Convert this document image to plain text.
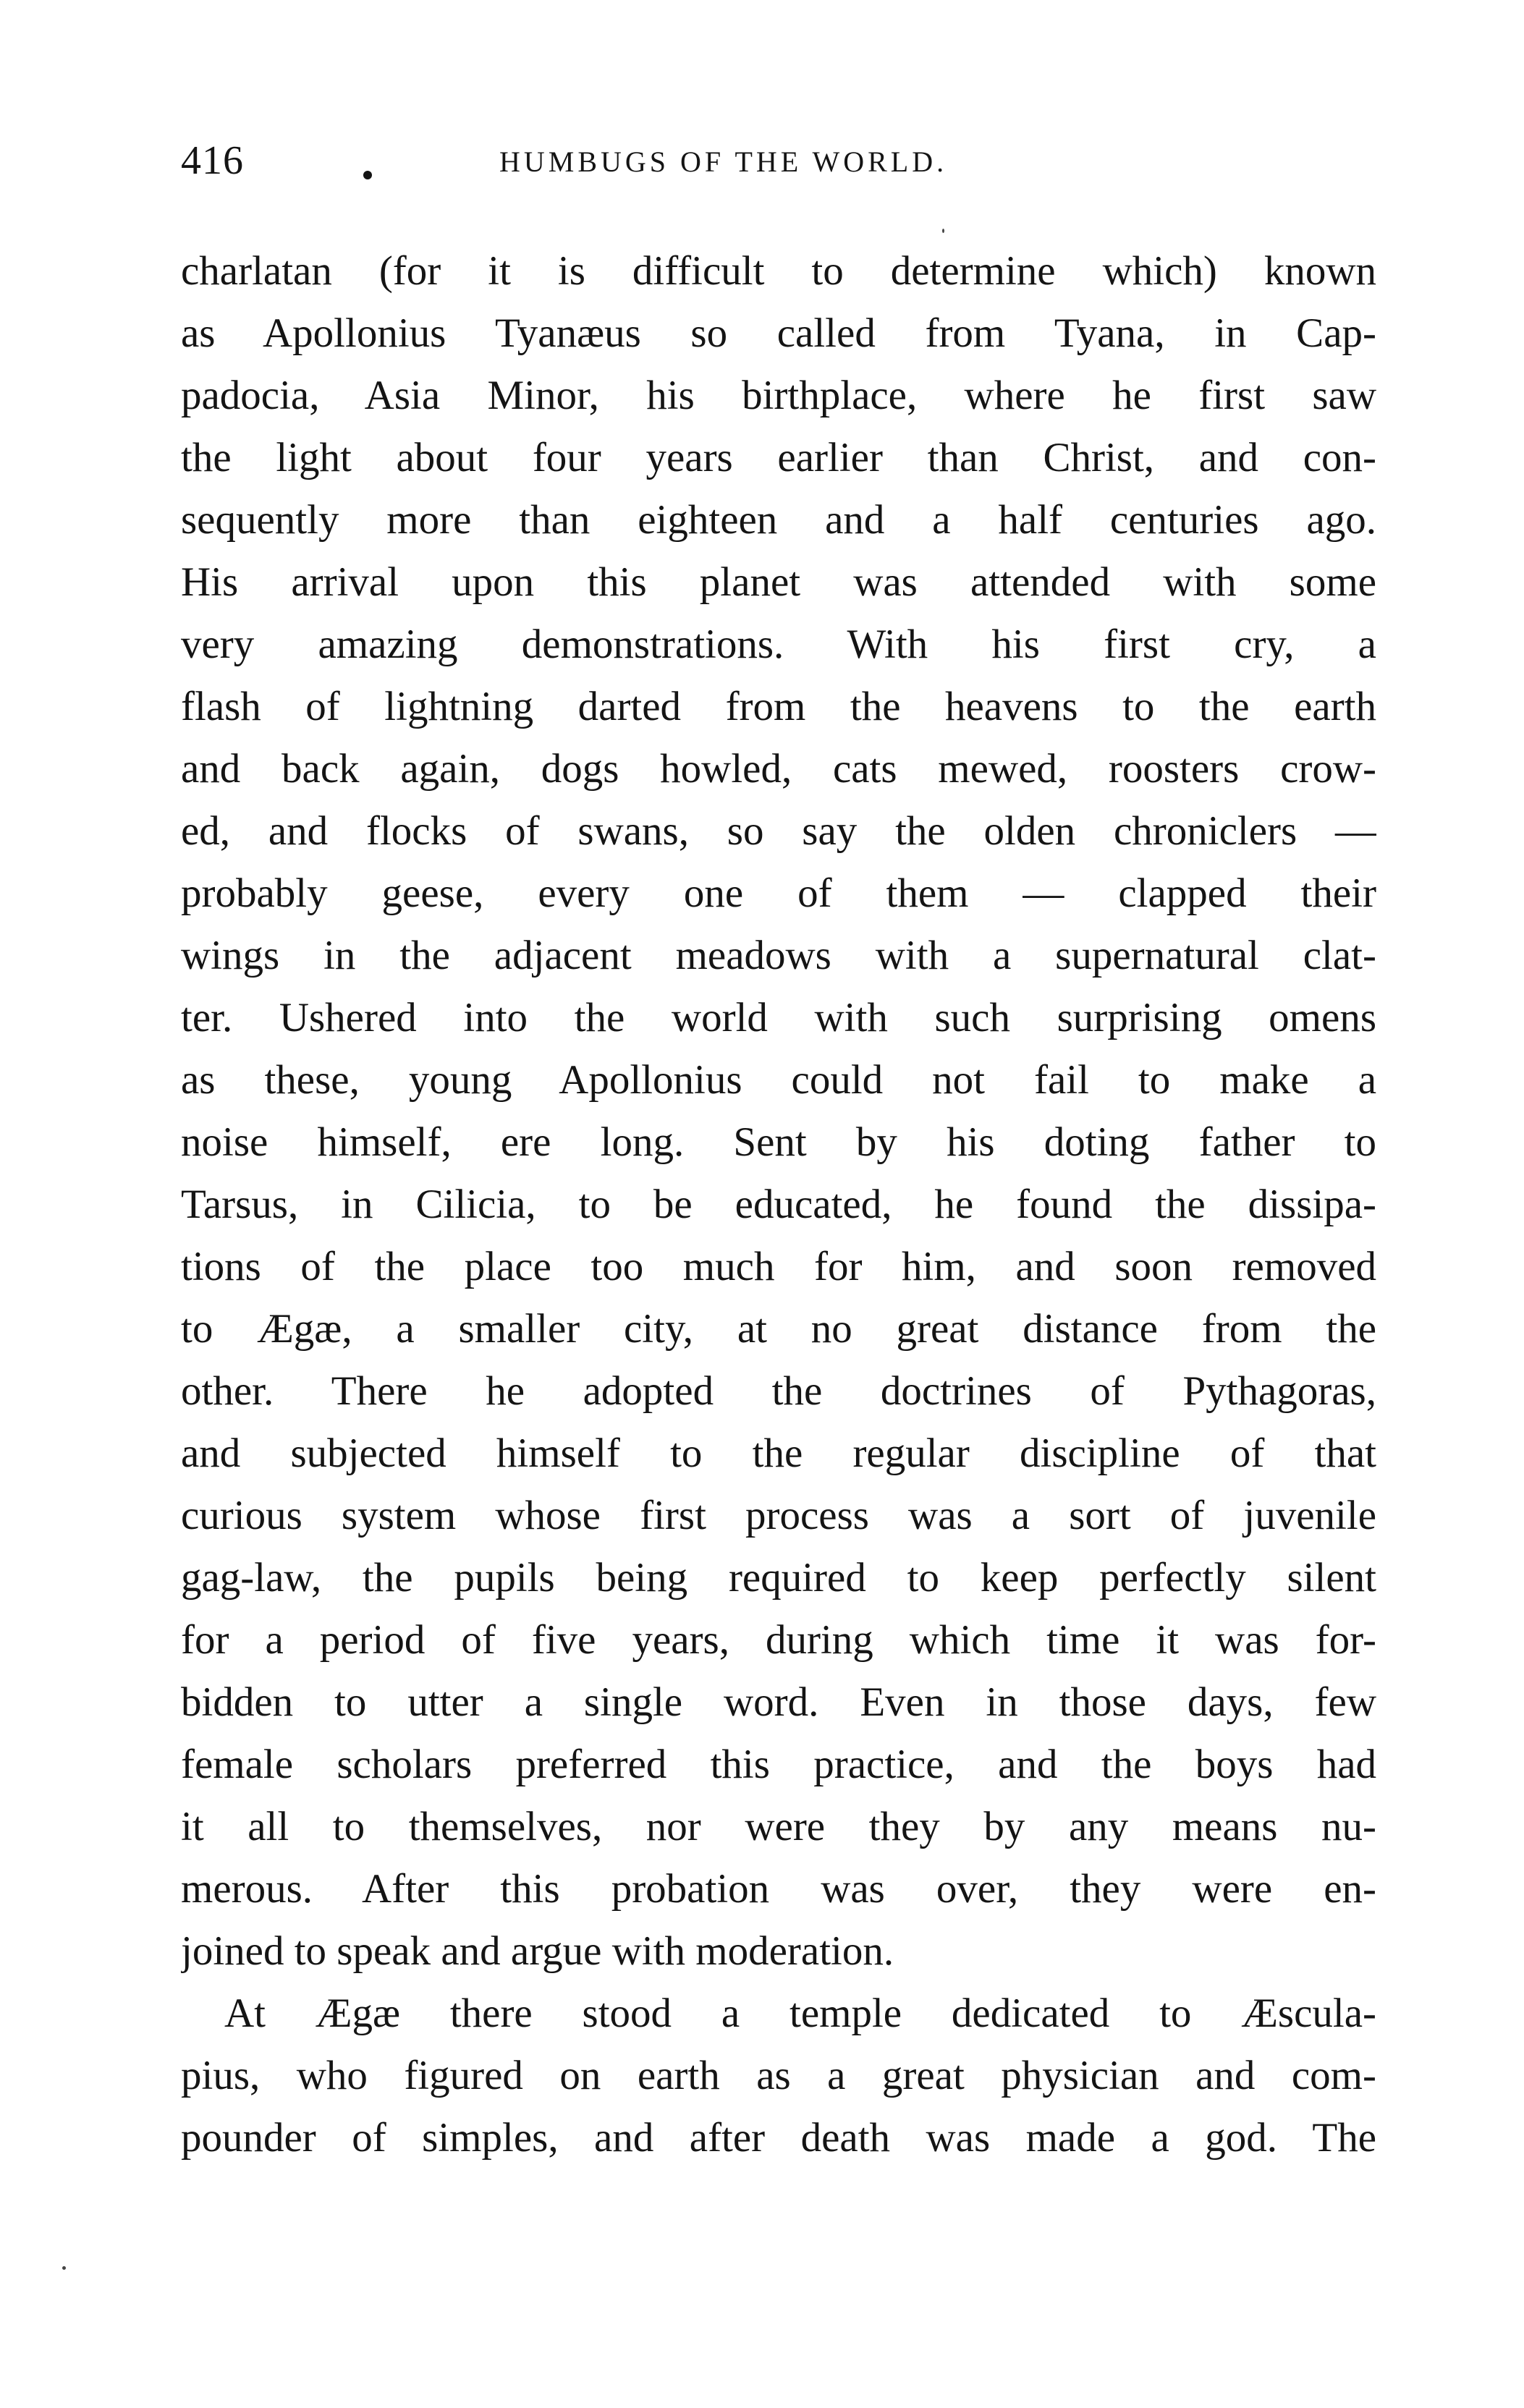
416	HUMBUGS OF THE WORLD.
charlatan (for it is difficult to determine which) known
as Apollonius Tyanæus so called from Tyana, in Cap-
padocia, Asia Minor, his birthplace, where he first saw
the light about four years earlier than Christ, and con-
sequently more than eighteen and a half centuries ago.
His arrival upon this planet was attended with some
very amazing demonstrations. With his first cry, a
flash of lightning darted from the heavens to the earth
and back again, dogs howled, cats mewed, roosters crow-
ed, and flocks of swans, so say the olden chroniclers —
probably geese, every one of them — clapped their
wings in the adjacent meadows with a supernatural clat-
ter. Ushered into the world with such surprising omens
as these, young Apollonius could not fail to make a
noise himself, ere long. Sent by his doting father to
Tarsus, in Cilicia, to be educated, he found the dissipa-
tions of the place too much for him, and soon removed
to Ægæ, a smaller city, at no great distance from the
other. There he adopted the doctrines of Pythagoras,
and subjected himself to the regular discipline of that
curious system whose first process was a sort of juvenile
gag-law, the pupils being required to keep perfectly silent
for a period of five years, during which time it was for-
bidden to utter a single word. Even in those days, few
female scholars preferred this practice, and the boys had
it all to themselves, nor were they by any means nu-
merous. After this probation was over, they were en-
joined to speak and argue with moderation.
At Ægæ there stood a temple dedicated to Æscula-
pius, who figured on earth as a great physician and com-
pounder of simples, and after death was made a god. The
